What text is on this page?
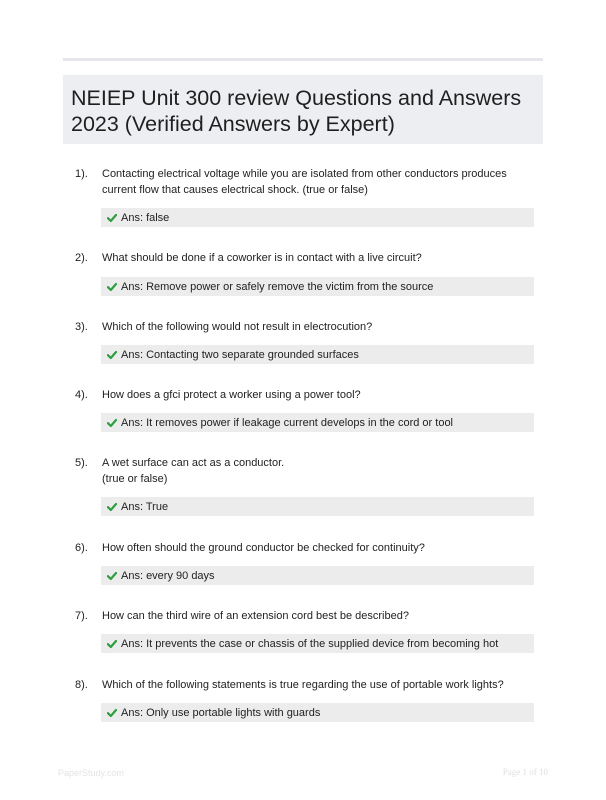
NEIEP Unit 300 review Questions and Answers 2023 (Verified Answers by Expert)
1). Contacting electrical voltage while you are isolated from other conductors produces current flow that causes electrical shock. (true or false)
Ans: false
2). What should be done if a coworker is in contact with a live circuit?
Ans: Remove power or safely remove the victim from the source
3). Which of the following would not result in electrocution?
Ans: Contacting two separate grounded surfaces
4). How does a gfci protect a worker using a power tool?
Ans: It removes power if leakage current develops in the cord or tool
5). A wet surface can act as a conductor.
(true or false)
Ans: True
6). How often should the ground conductor be checked for continuity?
Ans: every 90 days
7). How can the third wire of an extension cord best be described?
Ans: It prevents the case or chassis of the supplied device from becoming hot
8). Which of the following statements is true regarding the use of portable work lights?
Ans: Only use portable lights with guards
PaperStudy.com	Page 1 of 10
